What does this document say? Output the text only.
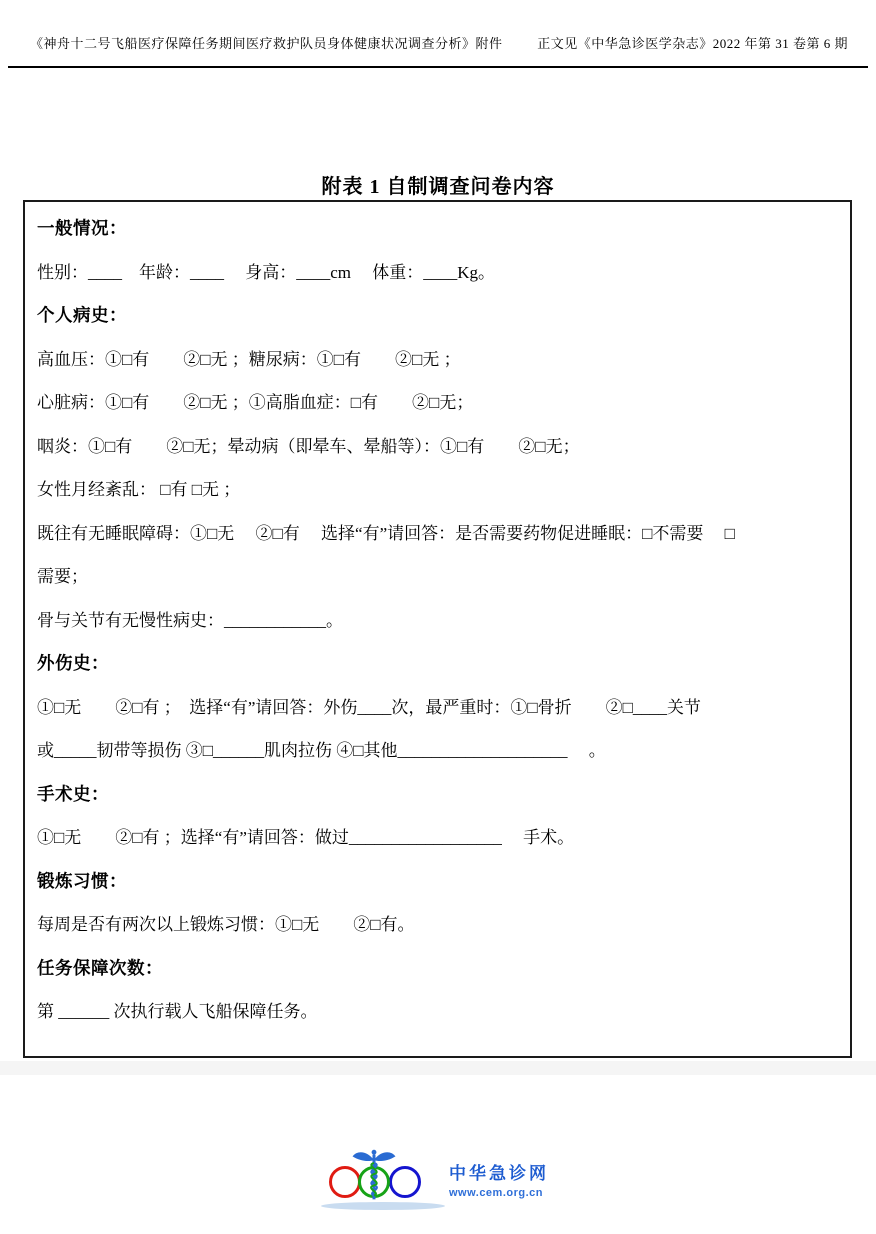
《神舟十二号飞船医疗保障任务期间医疗救护队员身体健康状况调查分析》附件	正文见《中华急诊医学杂志》2022 年第 31 卷第 6 期
附表 1 自制调查问卷内容
一般情况：
性别：____　年龄：____ 　身高：____cm　 体重：____Kg。
个人病史：
高血压：①□有　　②□无 ；糖尿病：①□有　　②□无 ；
心脏病：①□有　　②□无 ；①高脂血症：□有　　②□无；
咽炎：①□有　　②□无；晕动病（即晕车、晕船等）：①□有　　②□无；
女性月经紊乱： □有 □无 ；
既往有无睡眠障碍：①□无　 ②□有　 选择“有”请回答：是否需要药物促进睡眠：□不需要　 □
需要；
骨与关节有无慢性病史：____________。
外伤史：
①□无　　②□有 ；　选择“有”请回答：外伤____次，最严重时：①□骨折　　②□____关节
或_____韧带等损伤 ③□______肌肉拉伤 ④□其他____________________　 。
手术史：
①□无　　②□有 ；选择“有”请回答：做过__________________　 手术。
锻炼习惯：
每周是否有两次以上锻炼习惯：①□无　　②□有。
任务保障次数：
第 ______ 次执行载人飞船保障任务。
中华急诊网
www.cem.org.cn
